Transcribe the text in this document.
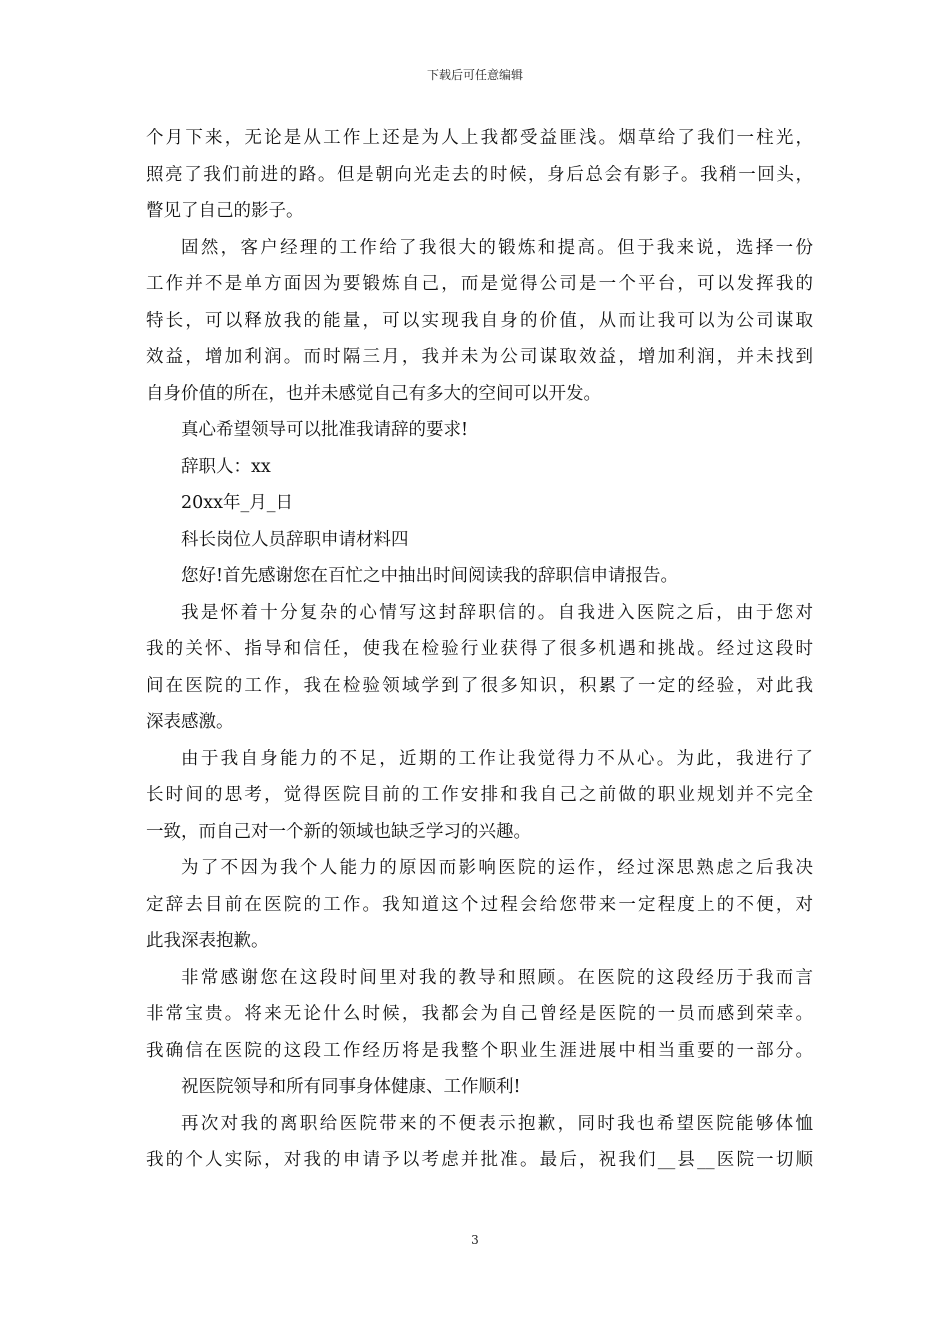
下载后可任意编辑
个月下来，无论是从工作上还是为人上我都受益匪浅。烟草给了我们一柱光，
照亮了我们前进的路。但是朝向光走去的时候，身后总会有影子。我稍一回头，
瞥见了自己的影子。
固然，客户经理的工作给了我很大的锻炼和提高。但于我来说，选择一份
工作并不是单方面因为要锻炼自己，而是觉得公司是一个平台，可以发挥我的
特长，可以释放我的能量，可以实现我自身的价值，从而让我可以为公司谋取
效益，增加利润。而时隔三月，我并未为公司谋取效益，增加利润，并未找到
自身价值的所在，也并未感觉自己有多大的空间可以开发。
真心希望领导可以批准我请辞的要求!
辞职人：xx
20xx年_月_日
科长岗位人员辞职申请材料四
您好!首先感谢您在百忙之中抽出时间阅读我的辞职信申请报告。
我是怀着十分复杂的心情写这封辞职信的。自我进入医院之后，由于您对
我的关怀、指导和信任，使我在检验行业获得了很多机遇和挑战。经过这段时
间在医院的工作，我在检验领域学到了很多知识，积累了一定的经验，对此我
深表感激。
由于我自身能力的不足，近期的工作让我觉得力不从心。为此，我进行了
长时间的思考，觉得医院目前的工作安排和我自己之前做的职业规划并不完全
一致，而自己对一个新的领域也缺乏学习的兴趣。
为了不因为我个人能力的原因而影响医院的运作，经过深思熟虑之后我决
定辞去目前在医院的工作。我知道这个过程会给您带来一定程度上的不便，对
此我深表抱歉。
非常感谢您在这段时间里对我的教导和照顾。在医院的这段经历于我而言
非常宝贵。将来无论什么时候，我都会为自己曾经是医院的一员而感到荣幸。
我确信在医院的这段工作经历将是我整个职业生涯进展中相当重要的一部分。
祝医院领导和所有同事身体健康、工作顺利!
再次对我的离职给医院带来的不便表示抱歉，同时我也希望医院能够体恤
我的个人实际，对我的申请予以考虑并批准。最后，祝我们__县__医院一切顺
3
